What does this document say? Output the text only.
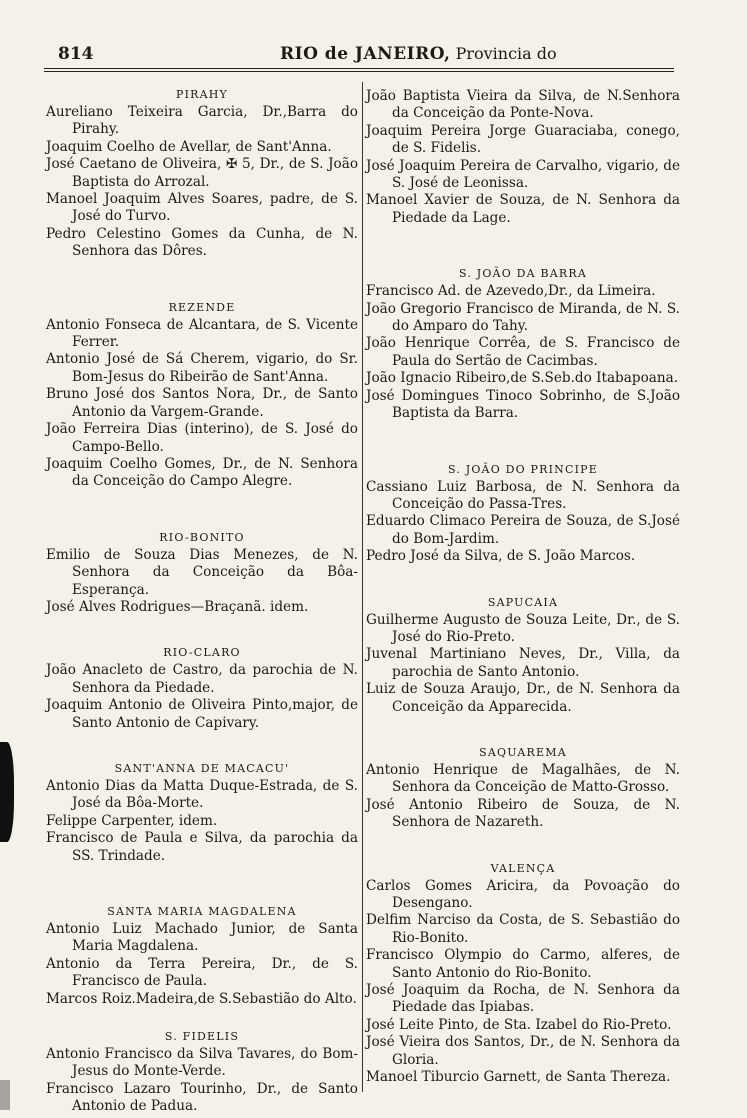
814	RIO de JANEIRO, Provincia do
PIRAHY

Aureliano Teixeira Garcia, Dr.,Barra do Pirahy.

Joaquim Coelho de Avellar, de Sant'Anna.

José Caetano de Oliveira, ✠ 5, Dr., de S. João Baptista do Arrozal.

Manoel Joaquim Alves Soares, padre, de S. José do Turvo.

Pedro Celestino Gomes da Cunha, de N. Senhora das Dôres.

REZENDE

Antonio Fonseca de Alcantara, de S. Vicente Ferrer.

Antonio José de Sá Cherem, vigario, do Sr. Bom-Jesus do Ribeirão de Sant'Anna.

Bruno José dos Santos Nora, Dr., de Santo Antonio da Vargem-Grande.

João Ferreira Dias (interino), de S. José do Campo-Bello.

Joaquim Coelho Gomes, Dr., de N. Senhora da Conceição do Campo Alegre.

RIO-BONITO

Emilio de Souza Dias Menezes, de N. Senhora da Conceição da Bôa-Esperança.

José Alves Rodrigues—Braçanã. idem.

RIO-CLARO

João Anacleto de Castro, da parochia de N. Senhora da Piedade.

Joaquim Antonio de Oliveira Pinto,major, de Santo Antonio de Capivary.

SANT'ANNA DE MACACU'

Antonio Dias da Matta Duque-Estrada, de S. José da Bôa-Morte.

Felippe Carpenter, idem.

Francisco de Paula e Silva, da parochia da SS. Trindade.

SANTA MARIA MAGDALENA

Antonio Luiz Machado Junior, de Santa Maria Magdalena.

Antonio da Terra Pereira, Dr., de S. Francisco de Paula.

Marcos Roiz.Madeira,de S.Sebastião do Alto.

S. FIDELIS

Antonio Francisco da Silva Tavares, do Bom-Jesus do Monte-Verde.

Francisco Lazaro Tourinho, Dr., de Santo Antonio de Padua.

João Baptista Vieira da Silva, de N.Senhora da Conceição da Ponte-Nova.

Joaquim Pereira Jorge Guaraciaba, conego, de S. Fidelis.

José Joaquim Pereira de Carvalho, vigario, de S. José de Leonissa.

Manoel Xavier de Souza, de N. Senhora da Piedade da Lage.

S. JOÃO DA BARRA

Francisco Ad. de Azevedo,Dr., da Limeira.

João Gregorio Francisco de Miranda, de N. S. do Amparo do Tahy.

João Henrique Corrêa, de S. Francisco de Paula do Sertão de Cacimbas.

João Ignacio Ribeiro,de S.Seb.do Itabapoana.

José Domingues Tinoco Sobrinho, de S.João Baptista da Barra.

S. JOÃO DO PRINCIPE

Cassiano Luiz Barbosa, de N. Senhora da Conceição do Passa-Tres.

Eduardo Climaco Pereira de Souza, de S.José do Bom-Jardim.

Pedro José da Silva, de S. João Marcos.

SAPUCAIA

Guilherme Augusto de Souza Leite, Dr., de S. José do Rio-Preto.

Juvenal Martiniano Neves, Dr., Villa, da parochia de Santo Antonio.

Luiz de Souza Araujo, Dr., de N. Senhora da Conceição da Apparecida.

SAQUAREMA

Antonio Henrique de Magalhães, de N. Senhora da Conceição de Matto-Grosso.

José Antonio Ribeiro de Souza, de N. Senhora de Nazareth.

VALENÇA

Carlos Gomes Aricira, da Povoação do Desengano.

Delfim Narciso da Costa, de S. Sebastião do Rio-Bonito.

Francisco Olympio do Carmo, alferes, de Santo Antonio do Rio-Bonito.

José Joaquim da Rocha, de N. Senhora da Piedade das Ipiabas.

José Leite Pinto, de Sta. Izabel do Rio-Preto.

José Vieira dos Santos, Dr., de N. Senhora da Gloria.

Manoel Tiburcio Garnett, de Santa Thereza.
